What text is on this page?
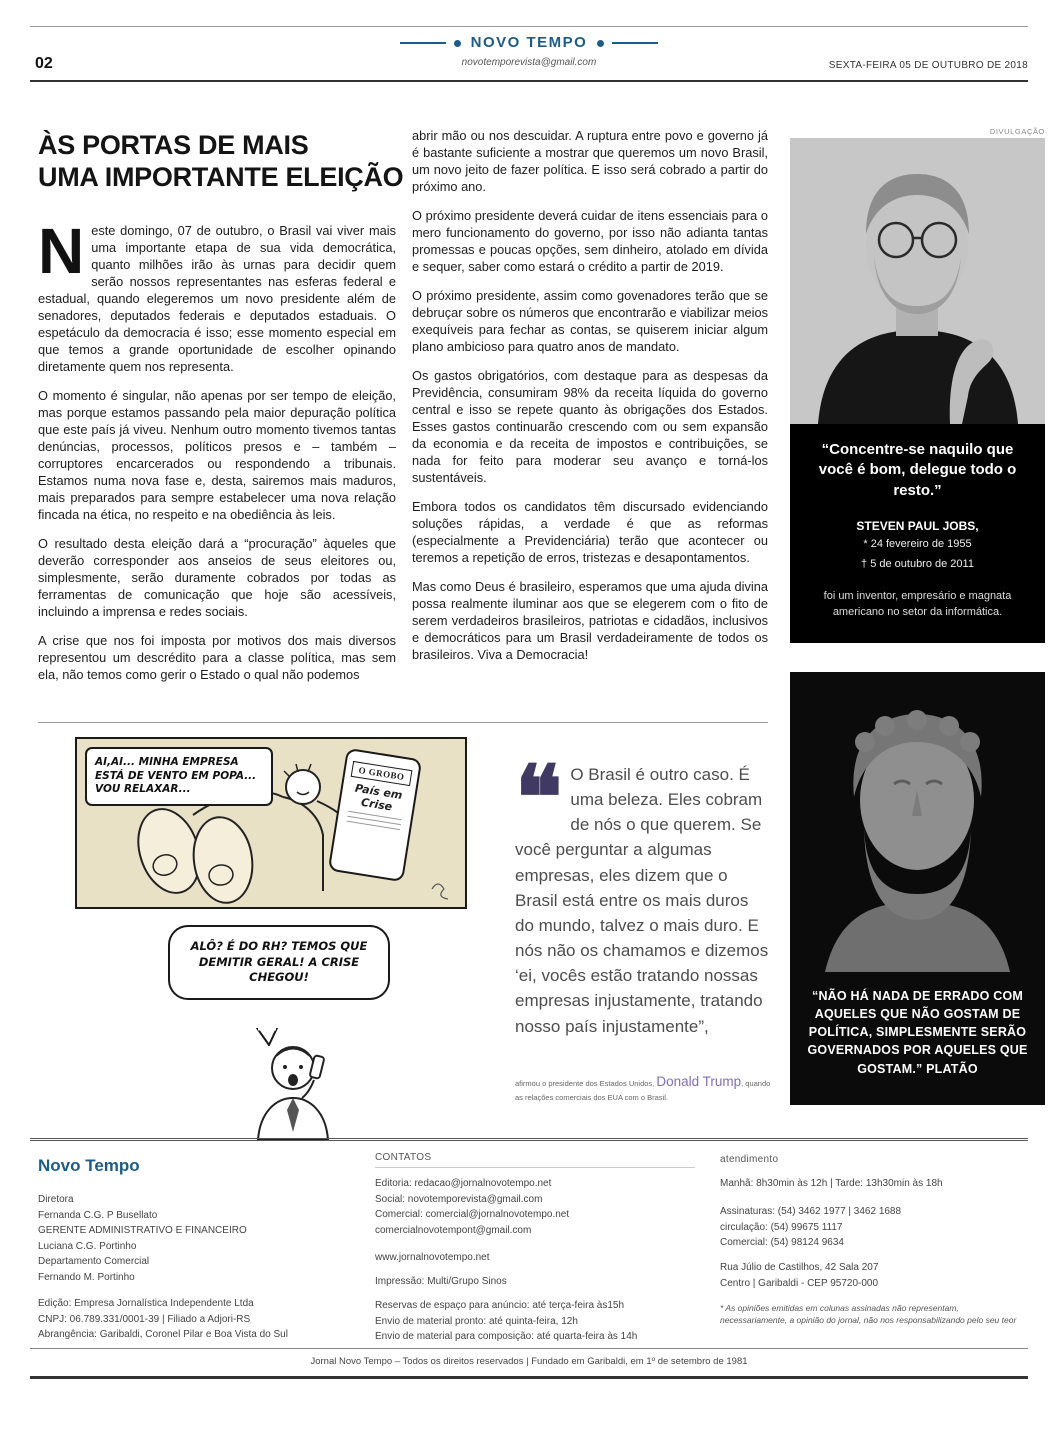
NOVO TEMPO
novotemporevista@gmail.com
02	SEXTA-FEIRA 05 DE OUTUBRO DE 2018
ÀS PORTAS DE MAIS
UMA IMPORTANTE ELEIÇÃO

Neste domingo, 07 de outubro, o Brasil vai viver mais uma importante etapa de sua vida democrática, quanto milhões irão às urnas para decidir quem serão nossos representantes nas esferas federal e estadual, quando elegeremos um novo presidente além de senadores, deputados federais e deputados estaduais. O espetáculo da democracia é isso; esse momento especial em que temos a grande oportunidade de escolher opinando diretamente quem nos representa.

O momento é singular, não apenas por ser tempo de eleição, mas porque estamos passando pela maior depuração política que este país já viveu. Nenhum outro momento tivemos tantas denúncias, processos, políticos presos e – também – corruptores encarcerados ou respondendo a tribunais. Estamos numa nova fase e, desta, sairemos mais maduros, mais preparados para sempre estabelecer uma nova relação fincada na ética, no respeito e na obediência às leis.

O resultado desta eleição dará a “procuração” àqueles que deverão corresponder aos anseios de seus eleitores ou, simplesmente, serão duramente cobrados por todas as ferramentas de comunicação que hoje são acessíveis, incluindo a imprensa e redes sociais.

A crise que nos foi imposta por motivos dos mais diversos representou um descrédito para a classe política, mas sem ela, não temos como gerir o Estado o qual não podemos

abrir mão ou nos descuidar. A ruptura entre povo e governo já é bastante suficiente a mostrar que queremos um novo Brasil, um novo jeito de fazer política. E isso será cobrado a partir do próximo ano.

O próximo presidente deverá cuidar de itens essenciais para o mero funcionamento do governo, por isso não adianta tantas promessas e poucas opções, sem dinheiro, atolado em dívida e sequer, saber como estará o crédito a partir de 2019.

O próximo presidente, assim como govenadores terão que se debruçar sobre os números que encontrarão e viabilizar meios exequíveis para fechar as contas, se quiserem iniciar algum plano ambicioso para quatro anos de mandato.

Os gastos obrigatórios, com destaque para as despesas da Previdência, consumiram 98% da receita líquida do governo central e isso se repete quanto às obrigações dos Estados. Esses gastos continuarão crescendo com ou sem expansão da economia e da receita de impostos e contribuições, se nada for feito para moderar seu avanço e torná-los sustentáveis.

Embora todos os candidatos têm discursado evidenciando soluções rápidas, a verdade é que as reformas (especialmente a Previdenciária) terão que acontecer ou teremos a repetição de erros, tristezas e desapontamentos.

Mas como Deus é brasileiro, esperamos que uma ajuda divina possa realmente iluminar aos que se elegerem com o fito de serem verdadeiros brasileiros, patriotas e cidadãos, inclusivos e democráticos para um Brasil verdadeiramente de todos os brasileiros. Viva a Democracia!

DIVULGAÇÃO
“Concentre-se naquilo que você é bom, delegue todo o resto.”
STEVEN PAUL JOBS,
* 24 fevereiro de 1955
† 5 de outubro de 2011
foi um inventor, empresário e magnata americano no setor da informática.
“NÃO HÁ NADA DE ERRADO COM AQUELES QUE NÃO GOSTAM DE POLÍTICA, SIMPLESMENTE SERÃO GOVERNADOS POR AQUELES QUE GOSTAM.” PLATÃO
AI,AI... MINHA EMPRESA ESTÁ DE VENTO EM POPA... VOU RELAXAR...
O GROBO
País em Crise
ALÔ? É DO RH? TEMOS QUE DEMITIR GERAL! A CRISE CHEGOU!
❝ O Brasil é outro caso. É uma beleza. Eles cobram de nós o que querem. Se você perguntar a algumas empresas, eles dizem que o Brasil está entre os mais duros do mundo, talvez o mais duro. E nós não os chamamos e dizemos ‘ei, vocês estão tratando nossas empresas injustamente, tratando nosso país injustamente”,
afirmou o presidente dos Estados Unidos, Donald Trump, quando as relações comerciais dos EUA com o Brasil.
Novo Tempo
Diretora
Fernanda C.G. P Busellato
GERENTE ADMINISTRATIVO E FINANCEIRO
Luciana C.G. Portinho
Departamento Comercial
Fernando M. Portinho
Edição: Empresa Jornalística Independente Ltda
CNPJ: 06.789.331/0001-39 | Filiado a Adjori-RS
Abrangência: Garibaldi, Coronel Pilar e Boa Vista do Sul
CONTATOS
Editoria: redacao@jornalnovotempo.net
Social: novotemporevista@gmail.com
Comercial: comercial@jornalnovotempo.net
comercialnovotempont@gmail.com
www.jornalnovotempo.net
Impressão: Multi/Grupo Sinos
Reservas de espaço para anúncio: até terça-feira às15h
Envio de material pronto: até quinta-feira, 12h
Envio de material para composição: até quarta-feira às 14h
atendimento
Manhã: 8h30min às 12h | Tarde: 13h30min às 18h
Assinaturas: (54) 3462 1977 | 3462 1688
circulação: (54) 99675 1117
Comercial: (54) 98124 9634
Rua Júlio de Castilhos, 42 Sala 207
Centro | Garibaldi - CEP 95720-000
* As opiniões emitidas em colunas assinadas não representam, necessariamente, a opinião do jornal, não nos responsabilizando pelo seu teor
Jornal Novo Tempo – Todos os direitos reservados | Fundado em Garibaldi, em 1º de setembro de 1981
